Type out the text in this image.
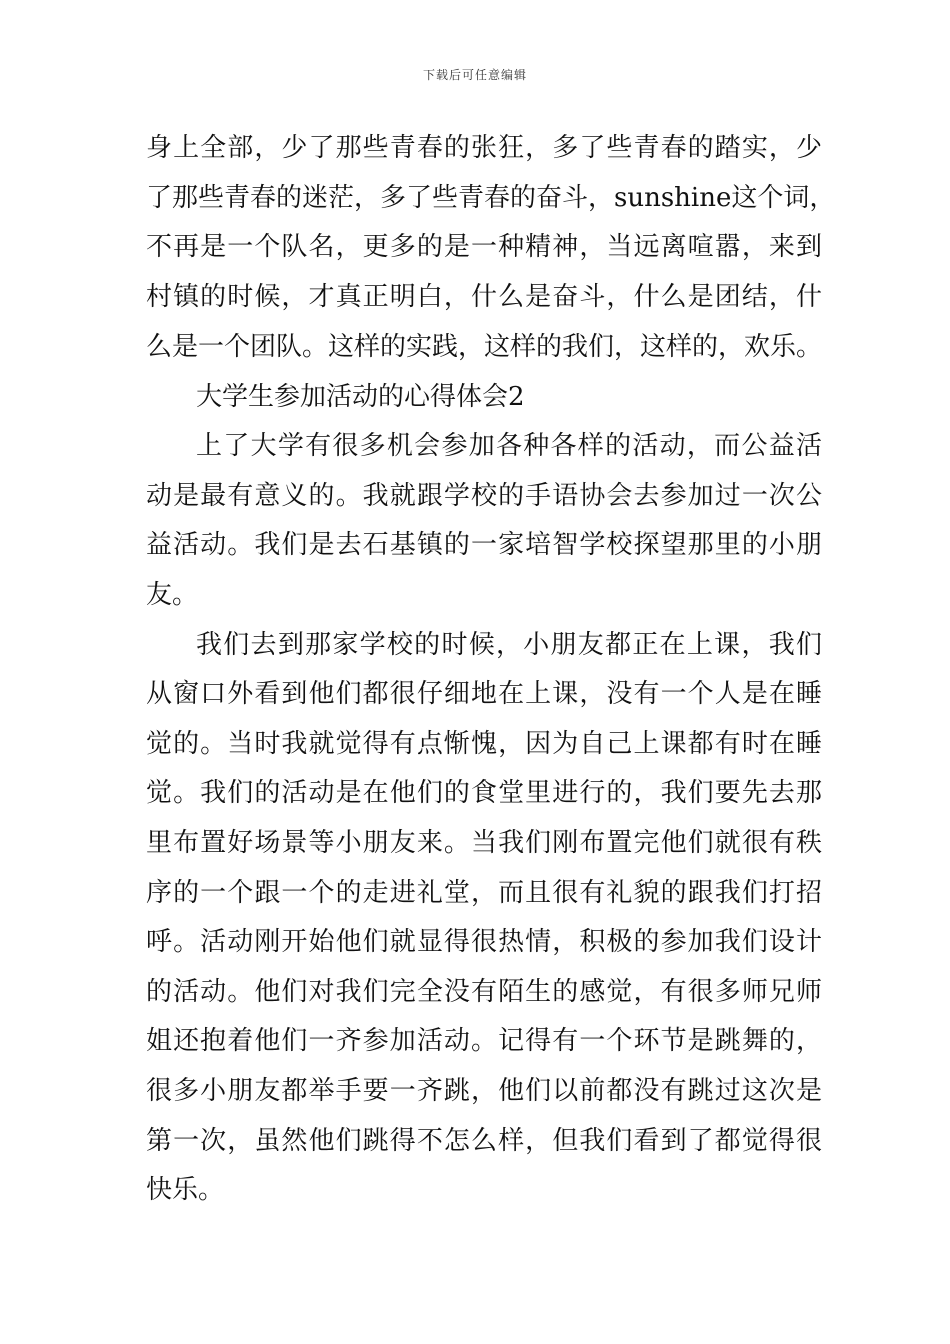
下载后可任意编辑
身上全部，少了那些青春的张狂，多了些青春的踏实，少
了那些青春的迷茫，多了些青春的奋斗，sunshine这个词，
不再是一个队名，更多的是一种精神，当远离喧嚣，来到
村镇的时候，才真正明白，什么是奋斗，什么是团结，什
么是一个团队。这样的实践，这样的我们，这样的，欢乐。
大学生参加活动的心得体会2
上了大学有很多机会参加各种各样的活动，而公益活
动是最有意义的。我就跟学校的手语协会去参加过一次公
益活动。我们是去石基镇的一家培智学校探望那里的小朋
友。
我们去到那家学校的时候，小朋友都正在上课，我们
从窗口外看到他们都很仔细地在上课，没有一个人是在睡
觉的。当时我就觉得有点惭愧，因为自己上课都有时在睡
觉。我们的活动是在他们的食堂里进行的，我们要先去那
里布置好场景等小朋友来。当我们刚布置完他们就很有秩
序的一个跟一个的走进礼堂，而且很有礼貌的跟我们打招
呼。活动刚开始他们就显得很热情，积极的参加我们设计
的活动。他们对我们完全没有陌生的感觉，有很多师兄师
姐还抱着他们一齐参加活动。记得有一个环节是跳舞的，
很多小朋友都举手要一齐跳，他们以前都没有跳过这次是
第一次，虽然他们跳得不怎么样，但我们看到了都觉得很
快乐。
